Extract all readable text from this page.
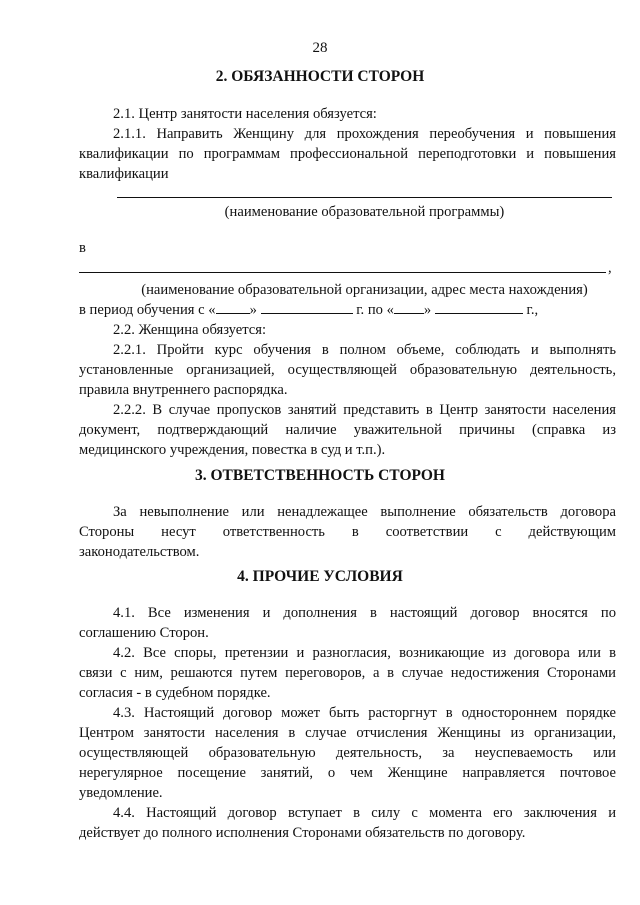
28
2. ОБЯЗАННОСТИ СТОРОН
2.1. Центр занятости населения обязуется:
2.1.1. Направить Женщину для прохождения переобучения и повышения
квалификации по программам профессиональной переподготовки и повышения
квалификации
(наименование образовательной программы)
в
,
(наименование образовательной организации, адрес места нахождения)
в период обучения с « »	г. по « »	г.,
2.2. Женщина обязуется:
2.2.1. Пройти курс обучения в полном объеме, соблюдать и выполнять
установленные организацией, осуществляющей образовательную деятельность,
правила внутреннего распорядка.
2.2.2. В случае пропусков занятий представить в Центр занятости населения
документ, подтверждающий наличие уважительной причины (справка из
медицинского учреждения, повестка в суд и т.п.).
3. ОТВЕТСТВЕННОСТЬ СТОРОН
За невыполнение или ненадлежащее выполнение обязательств договора
Стороны несут ответственность в соответствии с действующим
законодательством.
4. ПРОЧИЕ УСЛОВИЯ
4.1. Все изменения и дополнения в настоящий договор вносятся по
соглашению Сторон.
4.2. Все споры, претензии и разногласия, возникающие из договора или в
связи с ним, решаются путем переговоров, а в случае недостижения Сторонами
согласия - в судебном порядке.
4.3. Настоящий договор может быть расторгнут в одностороннем порядке
Центром занятости населения в случае отчисления Женщины из организации,
осуществляющей образовательную деятельность, за неуспеваемость или
нерегулярное посещение занятий, о чем Женщине направляется почтовое
уведомление.
4.4. Настоящий договор вступает в силу с момента его заключения и
действует до полного исполнения Сторонами обязательств по договору.
